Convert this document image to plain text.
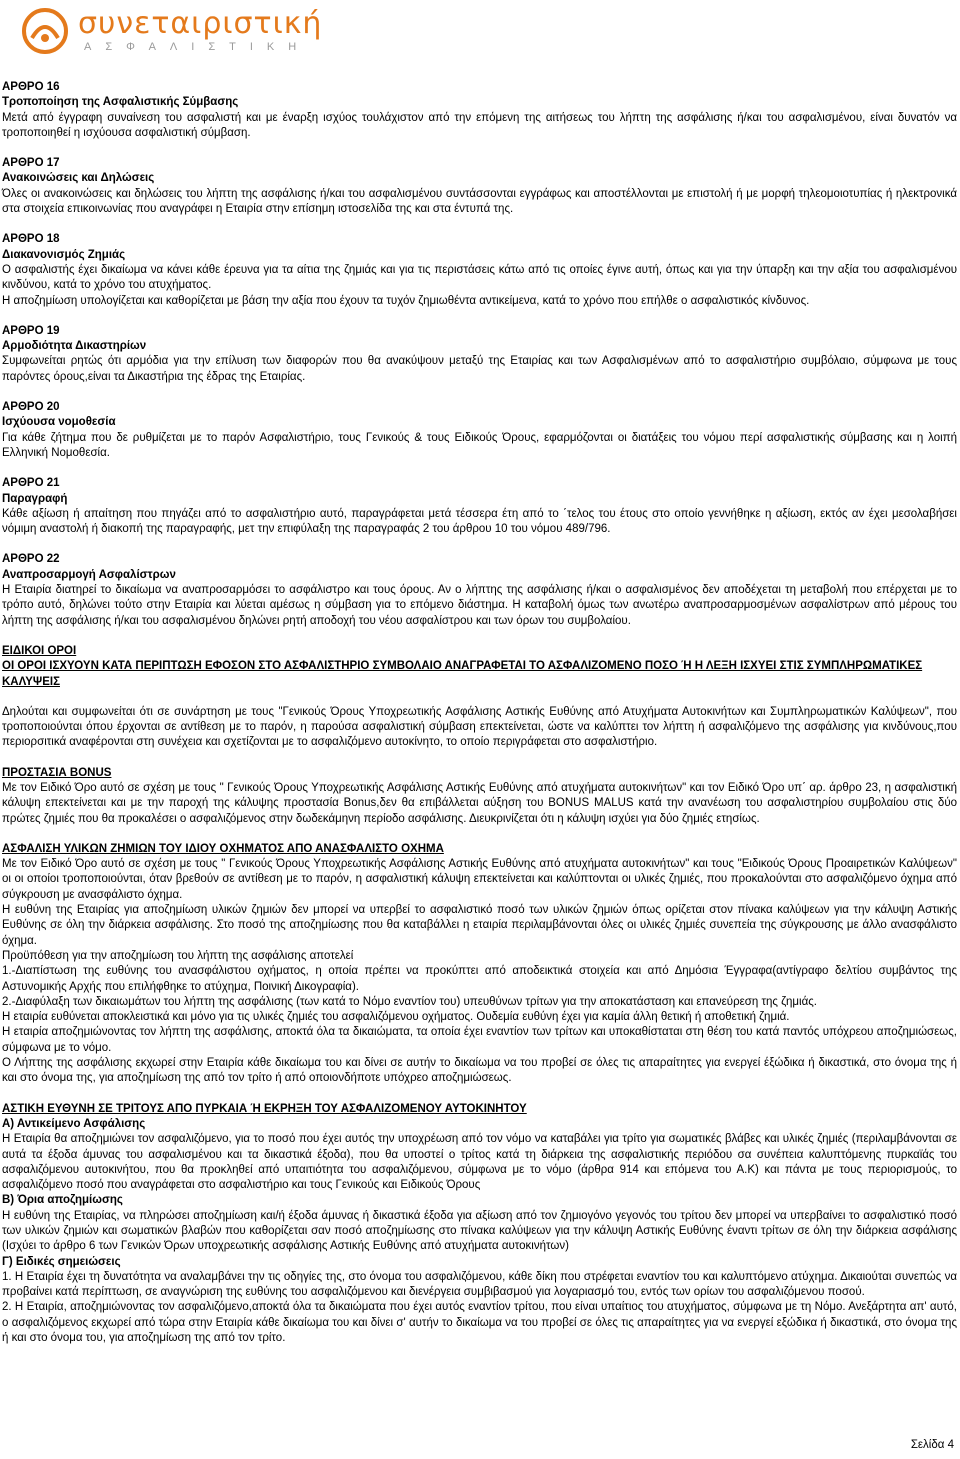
συνεταιριστική
ΑΣΦΑΛΙΣΤΙΚΗ
ΑΡΘΡΟ 16
Τροποποίηση της Ασφαλιστικής Σύμβασης

Μετά από έγγραφη συναίνεση του ασφαλιστή και με έναρξη ισχύος τουλάχιστον από την επόμενη της αιτήσεως του λήπτη της ασφάλισης ή/και του ασφαλισμένου, είναι δυνατόν να τροποποιηθεί η ισχύουσα ασφαλιστική σύμβαση.

ΑΡΘΡΟ 17
Ανακοινώσεις και Δηλώσεις

Όλες οι ανακοινώσεις και δηλώσεις του λήπτη της ασφάλισης ή/και του ασφαλισμένου συντάσσονται εγγράφως και αποστέλλονται με επιστολή ή με μορφή τηλεομοιοτυπίας ή ηλεκτρονικά στα στοιχεία επικοινωνίας που αναγράφει η Εταιρία στην επίσημη ιστοσελίδα της και στα έντυπά της.

ΑΡΘΡΟ 18
Διακανονισμός Ζημιάς

Ο ασφαλιστής έχει δικαίωμα να κάνει κάθε έρευνα για τα αίτια της ζημιάς και για τις περιστάσεις κάτω από τις οποίες έγινε αυτή, όπως και για την ύπαρξη και την αξία του ασφαλισμένου κινδύνου, κατά το χρόνο του ατυχήματος.

Η αποζημίωση υπολογίζεται και καθορίζεται με βάση την αξία που έχουν τα τυχόν ζημιωθέντα αντικείμενα, κατά το χρόνο που επήλθε ο ασφαλιστικός κίνδυνος.

ΑΡΘΡΟ 19
Αρμοδιότητα Δικαστηρίων

Συμφωνείται ρητώς ότι αρμόδια για την επίλυση των διαφορών που θα ανακύψουν μεταξύ της Εταιρίας και των Ασφαλισμένων από το ασφαλιστήριο συμβόλαιο, σύμφωνα με τους παρόντες όρους,είναι τα Δικαστήρια της έδρας της Εταιρίας.

ΑΡΘΡΟ 20
Ισχύουσα νομοθεσία

Για κάθε ζήτημα που δε ρυθμίζεται με το παρόν Ασφαλιστήριο, τους Γενικούς & τους Ειδικούς Όρους, εφαρμόζονται οι διατάξεις του νόμου περί ασφαλιστικής σύμβασης και η λοιπή Ελληνική Νομοθεσία.

ΑΡΘΡΟ 21
Παραγραφή

Κάθε αξίωση ή απαίτηση που πηγάζει από το ασφαλιστήριο αυτό, παραγράφεται μετά τέσσερα έτη από το ΄τελος του έτους στο οποίο γεννήθηκε η αξίωση, εκτός αν έχει μεσολαβήσει νόμιμη αναστολή ή διακοπή της παραγραφής, μετ την επιφύλαξη της παραγραφάς 2 του άρθρου 10 του νόμου 489/796.

ΑΡΘΡΟ 22
Αναπροσαρμογή Ασφαλίστρων

Η Εταιρία διατηρεί το δικαίωμα να αναπροσαρμόσει το ασφάλιστρο και τους όρους. Αν ο λήπτης της ασφάλισης ή/και ο ασφαλισμένος δεν αποδέχεται τη μεταβολή που επέρχεται με το τρόπο αυτό, δηλώνει τούτο στην Εταιρία και λύεται αμέσως η σύμβαση για το επόμενο διάστημα. Η καταβολή όμως των ανωτέρω αναπροσαρμοσμένων ασφαλίστρων από μέρους του λήπτη της ασφάλισης ή/και του ασφαλισμένου δηλώνει ρητή αποδοχή του νέου ασφαλίστρου και των όρων του συμβολαίου.

ΕΙΔΙΚΟΙ ΟΡΟΙ
ΟΙ ΟΡΟΙ ΙΣΧΥΟΥΝ ΚΑΤΑ ΠΕΡΙΠΤΩΣΗ ΕΦΟΣΟΝ ΣΤΟ ΑΣΦΑΛΙΣΤΗΡΙΟ ΣΥΜΒΟΛΑΙΟ ΑΝΑΓΡΑΦΕΤΑΙ ΤΟ ΑΣΦΑΛΙΖΟΜΕΝΟ ΠΟΣΟ Ή Η ΛΕΞΗ ΙΣΧΥΕΙ ΣΤΙΣ ΣΥΜΠΛΗΡΩΜΑΤΙΚΕΣ ΚΑΛΥΨΕΙΣ

Δηλούται και συμφωνείται ότι σε συνάρτηση με τους "Γενικούς Όρους Υποχρεωτικής Ασφάλισης Αστικής Ευθύνης από Ατυχήματα Αυτοκινήτων και Συμπληρωματικών Καλύψεων", που τροποποιούνται όπου έρχονται σε αντίθεση με το παρόν, η παρούσα ασφαλιστική σύμβαση επεκτείνεται, ώστε να καλύπτει τον λήπτη ή ασφαλιζόμενο της ασφάλισης για κινδύνους,που περιορσιτικά αναφέρονται στη συνέχεια και σχετίζονται με το ασφαλιζόμενο αυτοκίνητο, το οποίο περιγράφεται στο ασφαλιστήριο.

ΠΡΟΣΤΑΣΙΑ BONUS

Με τον Ειδικό Όρο αυτό σε σχέση με τους " Γενικούς Όρους Υποχρεωτικής Ασφάλισης Αστικής Ευθύνης από ατυχήματα αυτοκινήτων" και τον Ειδικό Όρο υπ΄ αρ. άρθρο 23, η ασφαλιστική κάλυψη επεκτείνεται και με την παροχή της κάλυψης προστασία Bonus,δεν θα επιβάλλεται αύξηση του BONUS MALUS κατά την ανανέωση του ασφαλιστηρίου συμβολαίου στις δύο πρώτες ζημιές που θα προκαλέσει ο ασφαλιζόμενος στην δωδεκάμηνη περίοδο ασφάλισης. Διευκρινίζεται ότι η κάλυψη ισχύει για δύο ζημιές ετησίως.

ΑΣΦΑΛΙΣΗ ΥΛΙΚΩΝ ΖΗΜΙΩΝ ΤΟΥ ΙΔΙΟΥ ΟΧΗΜΑΤΟΣ ΑΠΟ ΑΝΑΣΦΑΛΙΣΤΟ ΟΧΗΜΑ

Με τον Ειδικό Όρο αυτό σε σχέση με τους " Γενικούς Όρους Υποχρεωτικής Ασφάλισης Αστικής Ευθύνης από ατυχήματα αυτοκινήτων" και τους "Ειδικούς Όρους Προαιρετικών Καλύψεων" οι οι οποίοι τροποποιούνται, όταν βρεθούν σε αντίθεση με το παρόν, η ασφαλιστική κάλυψη επεκτείνεται και καλύπτονται οι υλικές ζημιές, που προκαλούνται στο ασφαλιζόμενο όχημα από σύγκρουση με ανασφάλιστο όχημα.

Η ευθύνη της Εταιρίας για αποζημίωση υλικών ζημιών δεν μπορεί να υπερβεί το ασφαλιστικό ποσό των υλικών ζημιών όπως ορίζεται στον πίνακα καλύψεων για την κάλυψη Αστικής Ευθύνης σε όλη την διάρκεια ασφάλισης. Στο ποσό της αποζημίωσης που θα καταβάλλει η εταιρία περιλαμβάνονται όλες οι υλικές ζημιές συνεπεία της σύγκρουσης με άλλο ανασφάλιστο όχημα.

Προϋπόθεση για την αποζημίωση του λήπτη της ασφάλισης αποτελεί

1.-Διαπίστωση της ευθύνης του ανασφάλιστου οχήματος, η οποία πρέπει να προκύπτει από αποδεικτικά στοιχεία και από Δημόσια Έγγραφα(αντίγραφο δελτίου συμβάντος της Αστυνομικής Αρχής που επιλήφθηκε το ατύχημα, Ποινική Δικογραφία).

2.-Διαφύλαξη των δικαιωμάτων του λήπτη της ασφάλισης (των κατά το Νόμο εναντίον του) υπευθύνων τρίτων για την αποκατάσταση και επανεύρεση της ζημιάς.

Η εταιρία ευθύνεται αποκλειστικά και μόνο για τις υλικές ζημιές του ασφαλιζόμενου οχήματος. Ουδεμία ευθύνη έχει για καμία άλλη θετική ή αποθετική ζημιά.

Η εταιρία αποζημιώνοντας τον λήπτη της ασφάλισης, αποκτά όλα τα δικαιώματα, τα οποία έχει εναντίον των τρίτων και υποκαθίσταται στη θέση του κατά παντός υπόχρεου αποζημιώσεως, σύμφωνα με το νόμο.

Ο Λήπτης της ασφάλισης εκχωρεί στην Εταιρία κάθε δικαίωμα του και δίνει σε αυτήν το δικαίωμα να του προβεί σε όλες τις απαραίτητες για ενεργεί έξώδικα ή δικαστικά, στο όνομα της ή και στο όνομα της, για αποζημίωση της από τον τρίτο ή από οποιονδήποτε υπόχρεο αποζημιώσεως.

ΑΣΤΙΚΗ ΕΥΘΥΝΗ ΣΕ ΤΡΙΤΟΥΣ ΑΠΟ ΠΥΡΚΑΙΑ Ή ΕΚΡΗΞΗ ΤΟΥ ΑΣΦΑΛΙΖΟΜΕΝΟΥ ΑΥΤΟΚΙΝΗΤΟΥ
Α) Αντικείμενο Ασφάλισης

Η Εταιρία θα αποζημιώνει τον ασφαλιζόμενο, για το ποσό που έχει αυτός την υποχρέωση από τον νόμο να καταβάλει για τρίτο για σωματικές βλάβες και υλικές ζημιές (περιλαμβάνονται σε αυτά τα έξοδα άμυνας του ασφαλισμένου και τα δικαστικά έξοδα), που θα υποστεί ο τρίτος κατά τη διάρκεια της ασφαλιστικής περιόδου σα συνέπεια καλυπτόμενης πυρκαϊάς του ασφαλιζόμενου αυτοκινήτου, που θα προκληθεί από υπαιτιότητα του ασφαλιζόμενου, σύμφωνα με το νόμο (άρθρα 914 και επόμενα του Α.Κ) και πάντα με τους περιορισμούς, το ασφαλιζόμενο ποσό που αναγράφεται στο ασφαλιστήριο και τους Γενικούς και Ειδικούς Όρους

Β) Όρια αποζημίωσης

Η ευθύνη της Εταιρίας, να πληρώσει αποζημίωση και/ή έξοδα άμυνας ή δικαστικά έξοδα για αξίωση από τον ζημιογόνο γεγονός του τρίτου δεν μπορεί να υπερβαίνει το ασφαλιστικό ποσό των υλικών ζημιών και σωματικών βλαβών που καθορίζεται σαν ποσό αποζημίωσης στο πίνακα καλύψεων για την κάλυψη Αστικής Ευθύνης έναντι τρίτων σε όλη την διάρκεια ασφάλισης (Ισχύει το άρθρο 6 των Γενικών Όρων υποχρεωτικής ασφάλισης Αστικής Ευθύνης από ατυχήματα αυτοκινήτων)

Γ) Ειδικές σημειώσεις

1. Η Εταιρία έχει τη δυνατότητα να αναλαμβάνει την τις οδηγίες της, στο όνομα του ασφαλιζόμενου, κάθε δίκη που στρέφεται εναντίον του και καλυπτόμενο ατύχημα. Δικαιούται συνεπώς να προβαίνει κατά περίπτωση, σε αναγνώριση της ευθύνης του ασφαλιζόμενου και διενέργεια συμβιβασμού για λογαριασμό του, εντός των ορίων του ασφαλιζόμενου ποσού.

2. Η Εταιρία, αποζημιώνοντας τον ασφαλιζόμενο,αποκτά όλα τα δικαιώματα που έχει αυτός εναντίον τρίτου, που είναι υπαίτιος του ατυχήματος, σύμφωνα με τη Νόμο. Ανεξάρτητα απ' αυτό, ο ασφαλιζόμενος εκχωρεί από τώρα στην Εταιρία κάθε δικαίωμα του και δίνει σ' αυτήν το δικαίωμα να του προβεί σε όλες τις απαραίτητες για να ενεργεί εξώδικα ή δικαστικά, στο όνομα της ή και στο όνομα του, για αποζημίωση της από τον τρίτο.

Σελίδα 4
